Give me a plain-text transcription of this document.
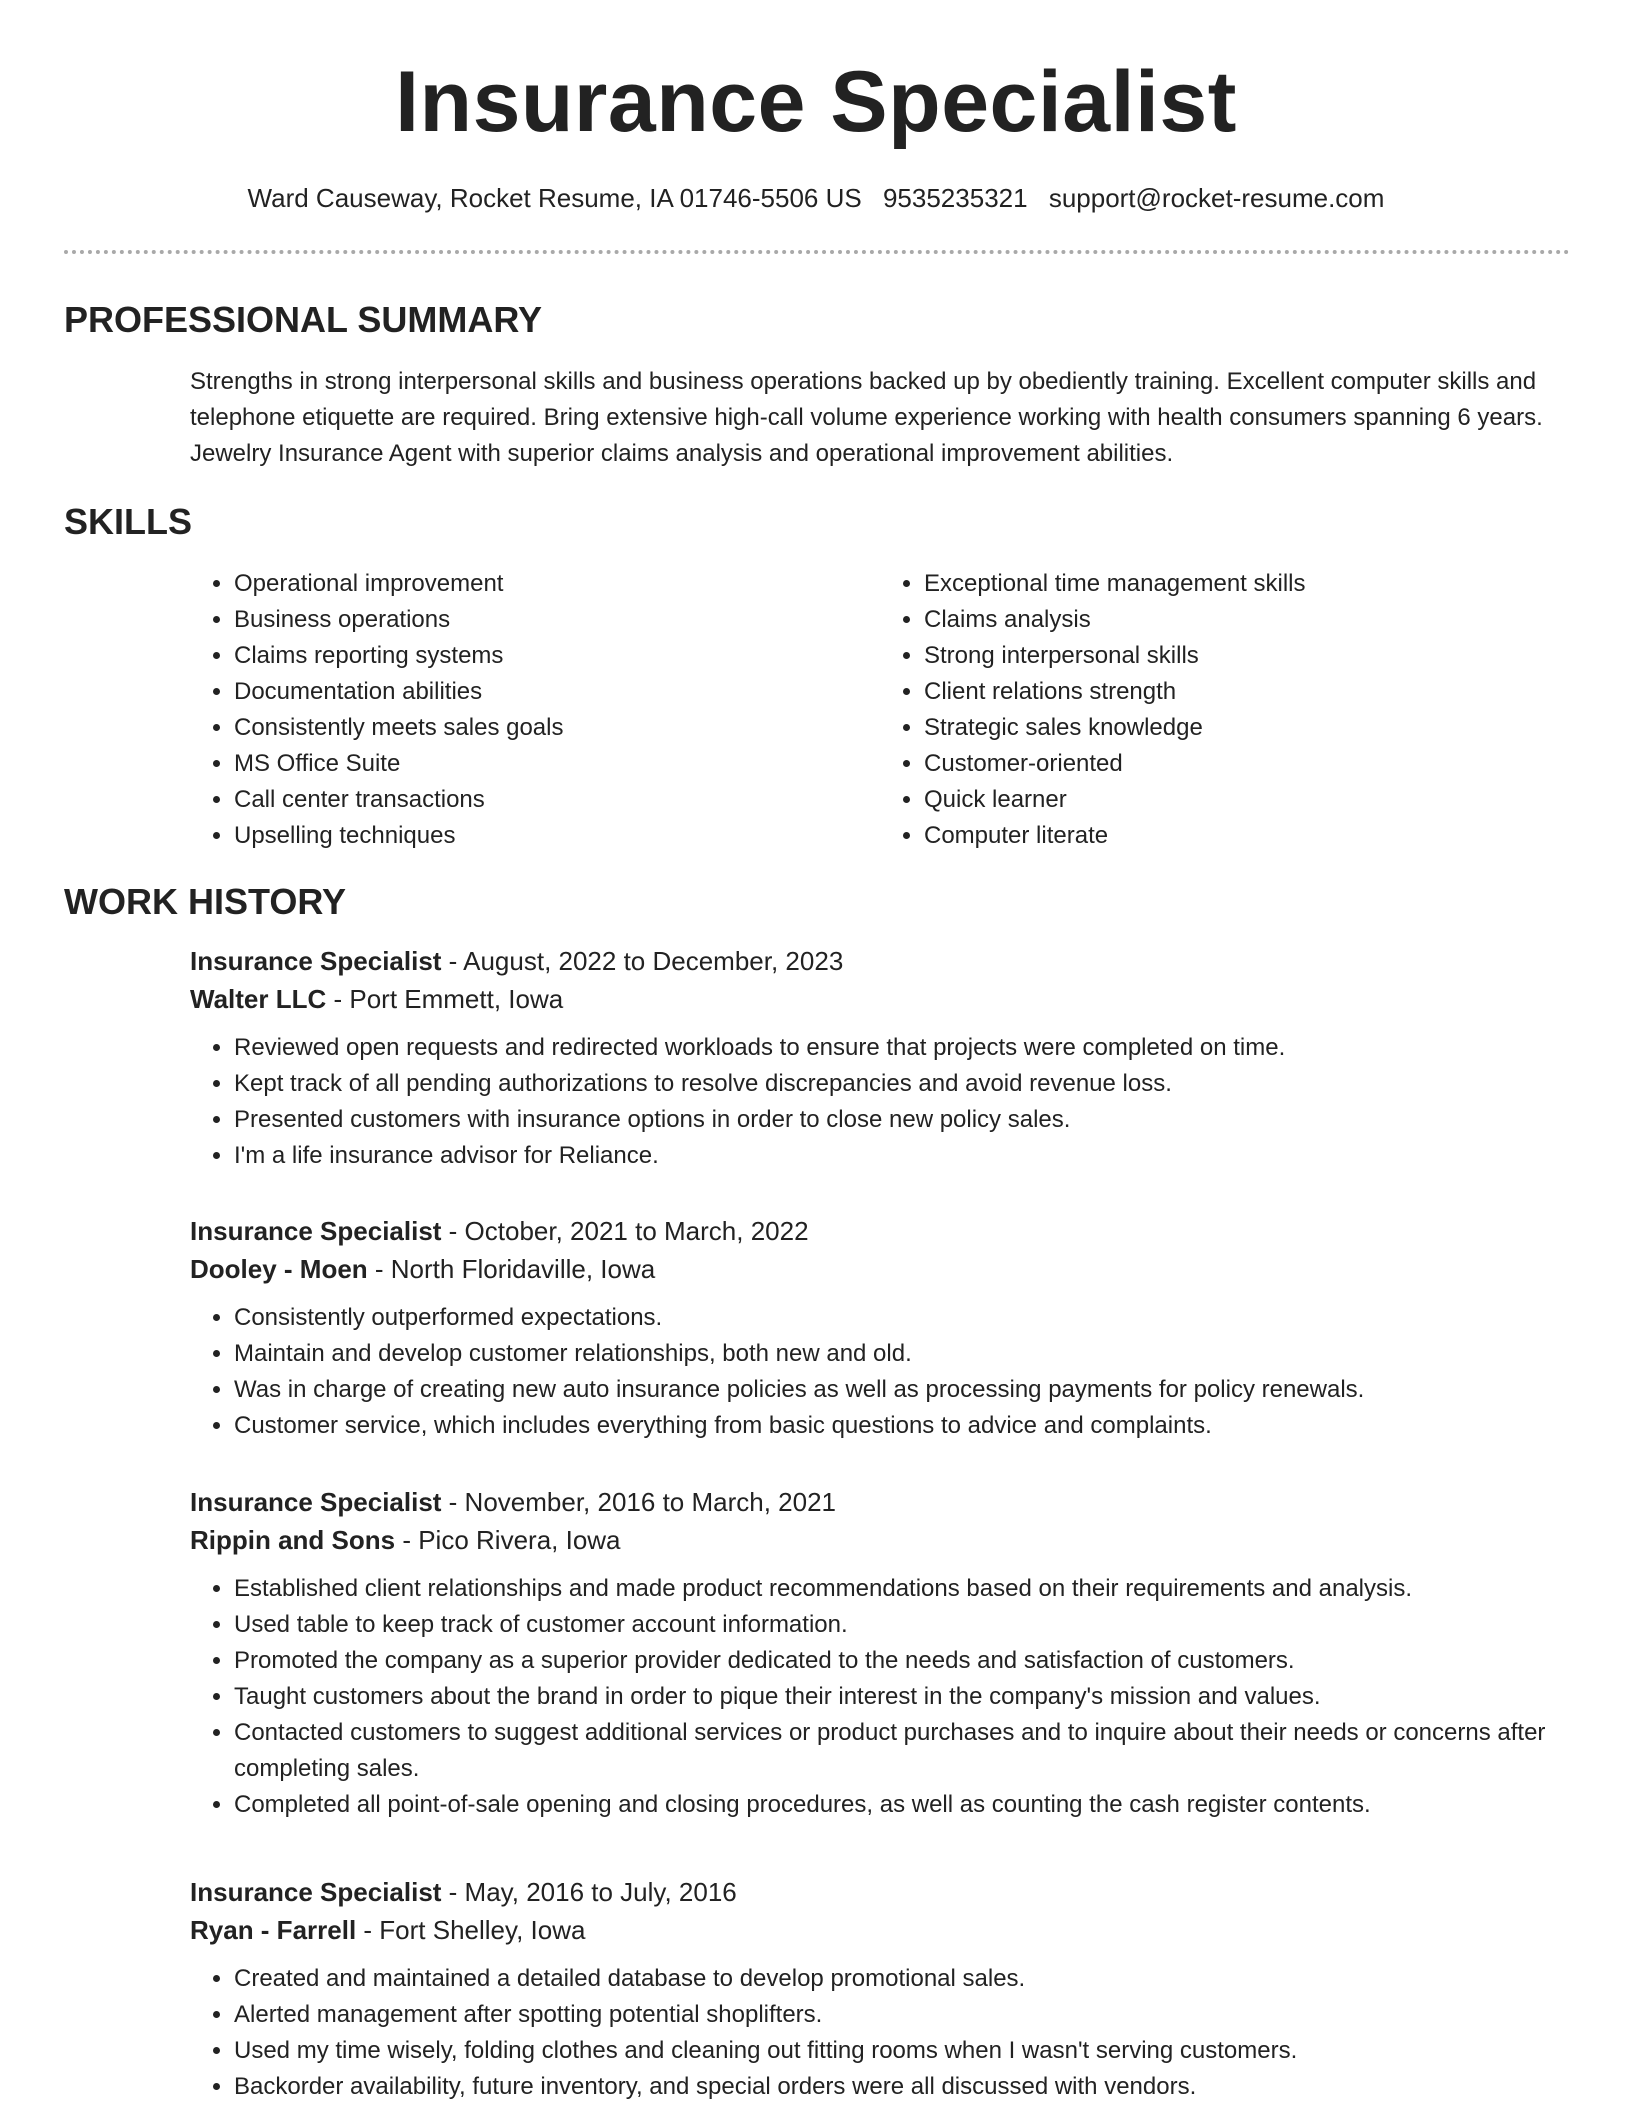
Insurance Specialist
Ward Causeway, Rocket Resume, IA 01746-5506 US 9535235321 support@rocket-resume.com
PROFESSIONAL SUMMARY

Strengths in strong interpersonal skills and business operations backed up by obediently training. Excellent computer skills and telephone etiquette are required. Bring extensive high-call volume experience working with health consumers spanning 6 years. Jewelry Insurance Agent with superior claims analysis and operational improvement abilities.

SKILLS
• Operational improvement
• Business operations
• Claims reporting systems
• Documentation abilities
• Consistently meets sales goals
• MS Office Suite
• Call center transactions
• Upselling techniques
• Exceptional time management skills
• Claims analysis
• Strong interpersonal skills
• Client relations strength
• Strategic sales knowledge
• Customer-oriented
• Quick learner
• Computer literate
WORK HISTORY

Insurance Specialist - August, 2022 to December, 2023

Walter LLC - Port Emmett, Iowa

• Reviewed open requests and redirected workloads to ensure that projects were completed on time.
• Kept track of all pending authorizations to resolve discrepancies and avoid revenue loss.
• Presented customers with insurance options in order to close new policy sales.
• I'm a life insurance advisor for Reliance.

Insurance Specialist - October, 2021 to March, 2022

Dooley - Moen - North Floridaville, Iowa

• Consistently outperformed expectations.
• Maintain and develop customer relationships, both new and old.
• Was in charge of creating new auto insurance policies as well as processing payments for policy renewals.
• Customer service, which includes everything from basic questions to advice and complaints.

Insurance Specialist - November, 2016 to March, 2021

Rippin and Sons - Pico Rivera, Iowa

• Established client relationships and made product recommendations based on their requirements and analysis.
• Used table to keep track of customer account information.
• Promoted the company as a superior provider dedicated to the needs and satisfaction of customers.
• Taught customers about the brand in order to pique their interest in the company's mission and values.
• Contacted customers to suggest additional services or product purchases and to inquire about their needs or concerns after completing sales.
• Completed all point-of-sale opening and closing procedures, as well as counting the cash register contents.

Insurance Specialist - May, 2016 to July, 2016

Ryan - Farrell - Fort Shelley, Iowa

• Created and maintained a detailed database to develop promotional sales.
• Alerted management after spotting potential shoplifters.
• Used my time wisely, folding clothes and cleaning out fitting rooms when I wasn't serving customers.
• Backorder availability, future inventory, and special orders were all discussed with vendors.
